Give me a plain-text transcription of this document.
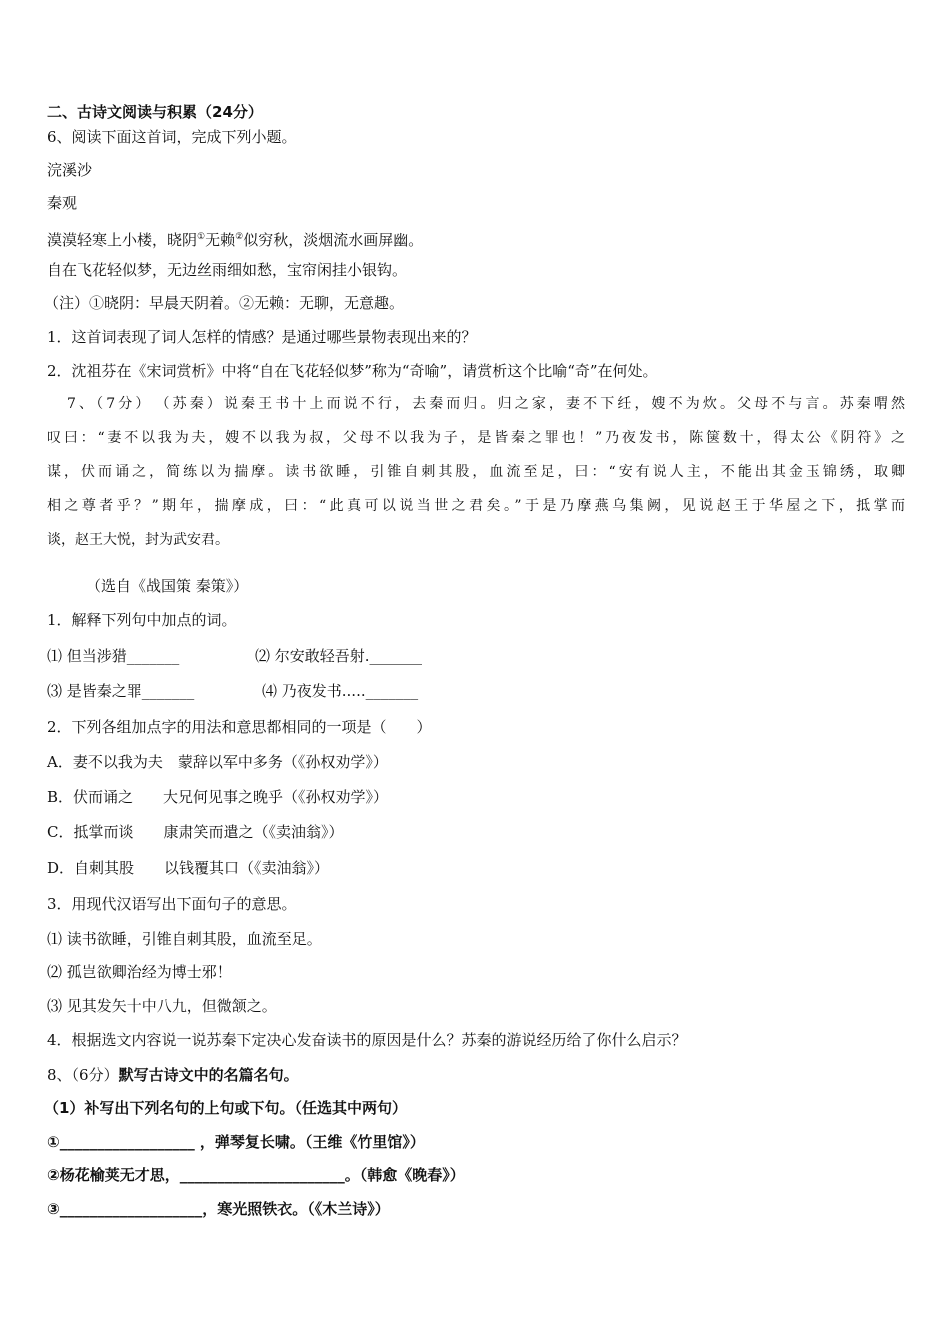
二、古诗文阅读与积累（24分）
6、阅读下面这首词，完成下列小题。
浣溪沙
秦观
漠漠轻寒上小楼，晓阴①无赖②似穷秋，淡烟流水画屏幽。
自在飞花轻似梦，无边丝雨细如愁，宝帘闲挂小银钩。
（注）①晓阴：早晨天阴着。②无赖：无聊，无意趣。
1．这首词表现了词人怎样的情感？是通过哪些景物表现出来的？
2．沈祖芬在《宋词赏析》中将“自在飞花轻似梦”称为“奇喻”，请赏析这个比喻“奇”在何处。
7、（7分）　（苏秦）说秦王书十上而说不行，去秦而归。归之家，妻不下纴，嫂不为炊。父母不与言。苏秦喟然
叹曰：“妻不以我为夫，嫂不以我为叔，父母不以我为子，是皆秦之罪也！”乃夜发书，陈箧数十，得太公《阴符》之
谋，伏而诵之，简练以为揣摩。读书欲睡，引锥自刺其股，血流至足，曰：“安有说人主，不能出其金玉锦绣，取卿
相之尊者乎？”期年，揣摩成，曰：“此真可以说当世之君矣。”于是乃摩燕乌集阙，见说赵王于华屋之下，抵掌而
谈，赵王大悦，封为武安君。
（选自《战国策 秦策》）
1．解释下列句中加点的词。
⑴ 但当涉猎_______	⑵ 尔安敢轻吾射._______
⑶ 是皆秦之罪_______	⑷ 乃夜发书....._______
2．下列各组加点字的用法和意思都相同的一项是（　　）
A．妻不以我为夫　蒙辞以军中多务（《孙权劝学》）
B．伏而诵之　　大兄何见事之晚乎（《孙权劝学》）
C．抵掌而谈　　康肃笑而遣之（《卖油翁》）
D．自刺其股　　以钱覆其口（《卖油翁》）
3．用现代汉语写出下面句子的意思。
⑴ 读书欲睡，引锥自刺其股，血流至足。
⑵ 孤岂欲卿治经为博士邪！
⑶ 见其发矢十中八九，但微颔之。
4．根据选文内容说一说苏秦下定决心发奋读书的原因是什么？苏秦的游说经历给了你什么启示？
8、（6分）默写古诗文中的名篇名句。
（1）补写出下列名句的上句或下句。（任选其中两句）
①__________________ ，弹琴复长啸。（王维《竹里馆》）
②杨花榆荚无才思，______________________。（韩愈《晚春》）
③___________________，寒光照铁衣。（《木兰诗》）
